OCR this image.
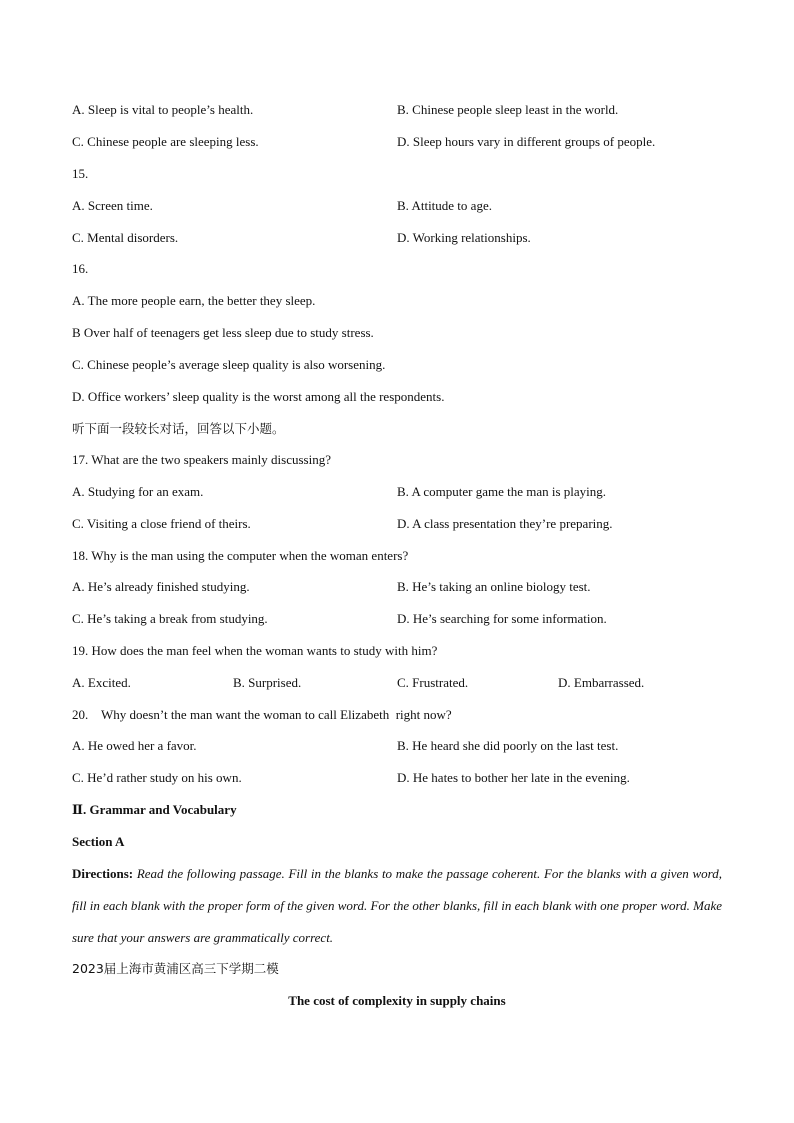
A. Sleep is vital to people’s health.	B. Chinese people sleep least in the world.
C. Chinese people are sleeping less.	D. Sleep hours vary in different groups of people.
15.
A. Screen time.	B. Attitude to age.
C. Mental disorders.	D. Working relationships.
16.
A. The more people earn, the better they sleep.
B Over half of teenagers get less sleep due to study stress.
C. Chinese people’s average sleep quality is also worsening.
D. Office workers’ sleep quality is the worst among all the respondents.
听下面一段较长对话，回答以下小题。
17. What are the two speakers mainly discussing?
A. Studying for an exam.	B. A computer game the man is playing.
C. Visiting a close friend of theirs.	D. A class presentation they’re preparing.
18. Why is the man using the computer when the woman enters?
A. He’s already finished studying.	B. He’s taking an online biology test.
C. He’s taking a break from studying.	D. He’s searching for some information.
19. How does the man feel when the woman wants to study with him?
A. Excited.	B. Surprised.	C. Frustrated.	D. Embarrassed.
20.    Why doesn’t the man want the woman to call Elizabeth  right now?
A. He owed her a favor.	B. He heard she did poorly on the last test.
C. He’d rather study on his own.	D. He hates to bother her late in the evening.
Ⅱ. Grammar and Vocabulary
Section A
Directions: Read the following passage. Fill in the blanks to make the passage coherent. For the blanks with a given word, fill in each blank with the proper form of the given word. For the other blanks, fill in each blank with one proper word. Make sure that your answers are grammatically correct.
2023届上海市黄浦区高三下学期二模
The cost of complexity in supply chains
